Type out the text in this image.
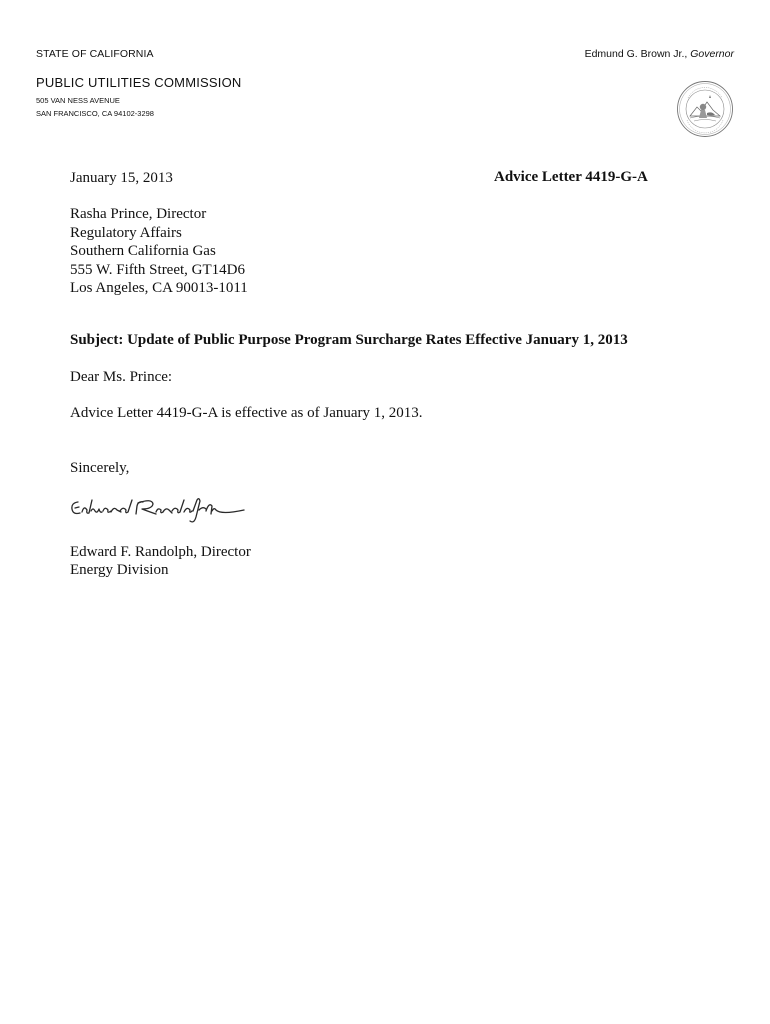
STATE OF CALIFORNIA
PUBLIC UTILITIES COMMISSION
505 VAN NESS AVENUE
SAN FRANCISCO, CA 94102-3298
Edmund G. Brown Jr., Governor
January 15, 2013	Advice Letter 4419-G-A
Rasha Prince, Director
Regulatory Affairs
Southern California Gas
555 W. Fifth Street, GT14D6
Los Angeles, CA 90013-1011
Subject: Update of Public Purpose Program Surcharge Rates Effective January 1, 2013
Dear Ms. Prince:
Advice Letter 4419-G-A is effective as of January 1, 2013.
Sincerely,
Edward F. Randolph, Director
Energy Division
